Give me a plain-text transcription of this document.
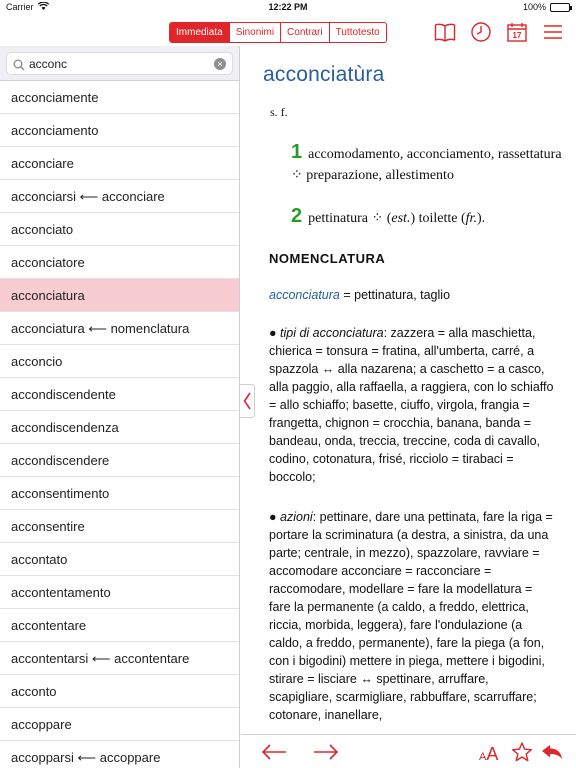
Carrier	12:22 PM	100%
Immediata	Sinonimi	Contrari	Tuttotesto	17
acconc
×
acconciamente
acconciamento
acconciare
acconciarsi ⟵ acconciare
acconciato
acconciatore
acconciatura
acconciatura ⟵ nomenclatura
acconcio
accondiscendente
accondiscendenza
accondiscendere
acconsentimento
acconsentire
accontato
accontentamento
accontentare
accontentarsi ⟵ accontentare
acconto
accoppare
accopparsi ⟵ accoppare
acconciatùra
s. f.
1 accomodamento, acconciamento, rassettatura ⁘ preparazione, allestimento
2 pettinatura ⁘ (est.) toilette (fr.).
NOMENCLATURA
acconciatura = pettinatura, taglio
● tipi di acconciatura: zazzera = alla maschietta, chierica = tonsura = fratina, all'umberta, carré, a spazzola ↔ alla nazarena; a caschetto = a casco, alla paggio, alla raffaella, a raggiera, con lo schiaffo = allo schiaffo; basette, ciuffo, virgola, frangia = frangetta, chignon = crocchia, banana, banda = bandeau, onda, treccia, treccine, coda di cavallo, codino, cotonatura, frisé, ricciolo = tirabaci = boccolo;
● azioni: pettinare, dare una pettinata, fare la riga = portare la scriminatura (a destra, a sinistra, da una parte; centrale, in mezzo), spazzolare, ravviare = accomodare acconciare = racconciare = raccomodare, modellare = fare la modellatura = fare la permanente (a caldo, a freddo, elettrica, riccia, morbida, leggera), fare l'ondulazione (a caldo, a freddo, permanente), fare la piega (a fon, con i bigodini) mettere in piega, mettere i bigodini, stirare = lisciare ↔ spettinare, arruffare, scapigliare, scarmigliare, rabbuffare, scarruffare; cotonare, inanellare,
A A
